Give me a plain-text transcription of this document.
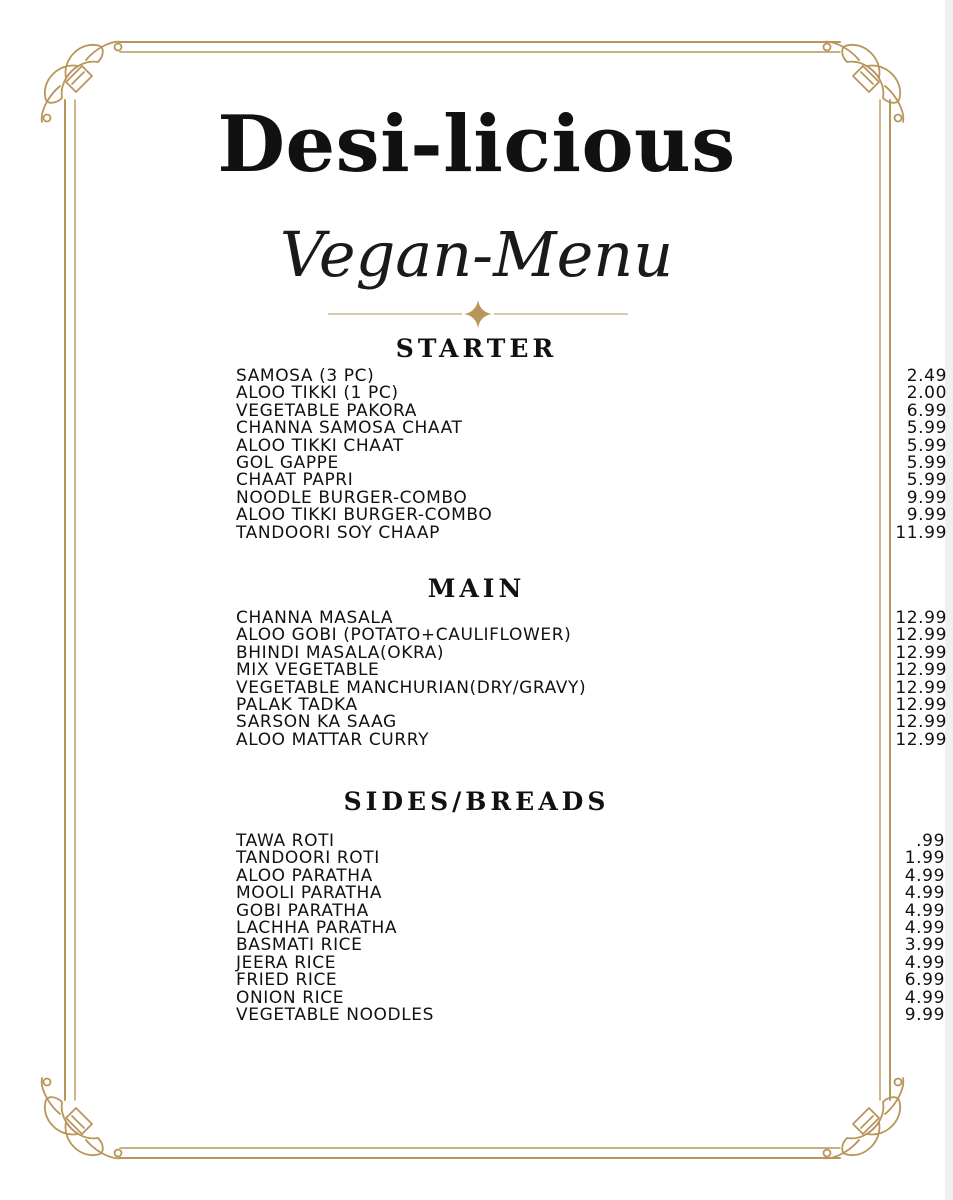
Desi-licious
Vegan-Menu
STARTER
SAMOSA (3 PC)	2.49
ALOO TIKKI (1 PC)	2.00
VEGETABLE PAKORA	6.99
CHANNA SAMOSA CHAAT	5.99
ALOO TIKKI CHAAT	5.99
GOL GAPPE	5.99
CHAAT PAPRI	5.99
NOODLE BURGER-COMBO	9.99
ALOO TIKKI BURGER-COMBO	9.99
TANDOORI SOY CHAAP	11.99
MAIN
CHANNA MASALA	12.99
ALOO GOBI (POTATO+CAULIFLOWER)	12.99
BHINDI MASALA(OKRA)	12.99
MIX VEGETABLE	12.99
VEGETABLE MANCHURIAN(DRY/GRAVY)	12.99
PALAK TADKA	12.99
SARSON KA SAAG	12.99
ALOO MATTAR CURRY	12.99
SIDES/BREADS
TAWA ROTI	.99
TANDOORI ROTI	1.99
ALOO PARATHA	4.99
MOOLI PARATHA	4.99
GOBI PARATHA	4.99
LACHHA PARATHA	4.99
BASMATI RICE	3.99
JEERA RICE	4.99
FRIED RICE	6.99
ONION RICE	4.99
VEGETABLE NOODLES	9.99
